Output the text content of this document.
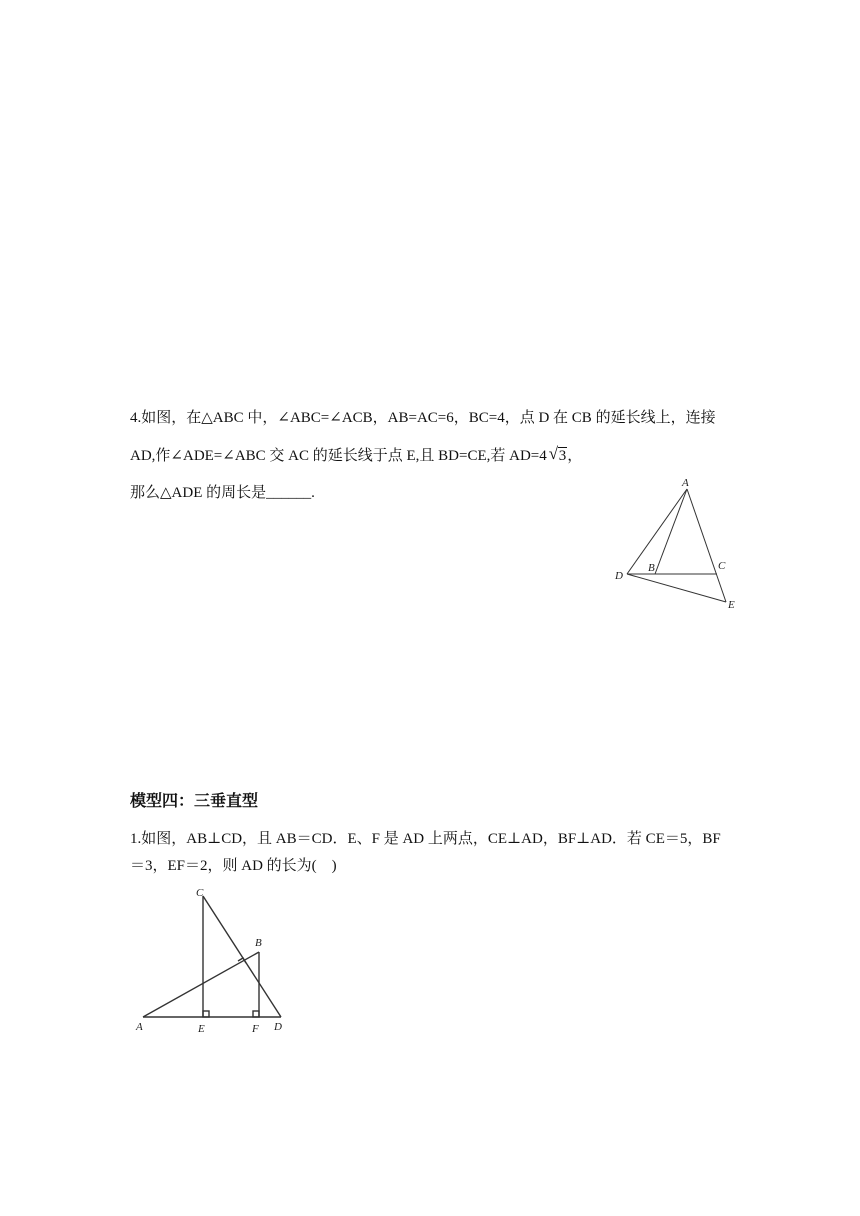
4.如图，在△ABC 中，∠ABC=∠ACB，AB=AC=6，BC=4，点 D 在 CB 的延长线上，连接
AD,作∠ADE=∠ABC 交 AC 的延长线于点 E,且 BD=CE,若 AD=4 √ 3，
那么△ADE 的周长是______.
A
B	C
D
E
模型四：三垂直型
1.如图，AB⊥CD，且 AB＝CD．E、F 是 AD 上两点，CE⊥AD，BF⊥AD．若 CE＝5，BF
＝3，EF＝2，则 AD 的长为(　)
C
B
A	E	F D
